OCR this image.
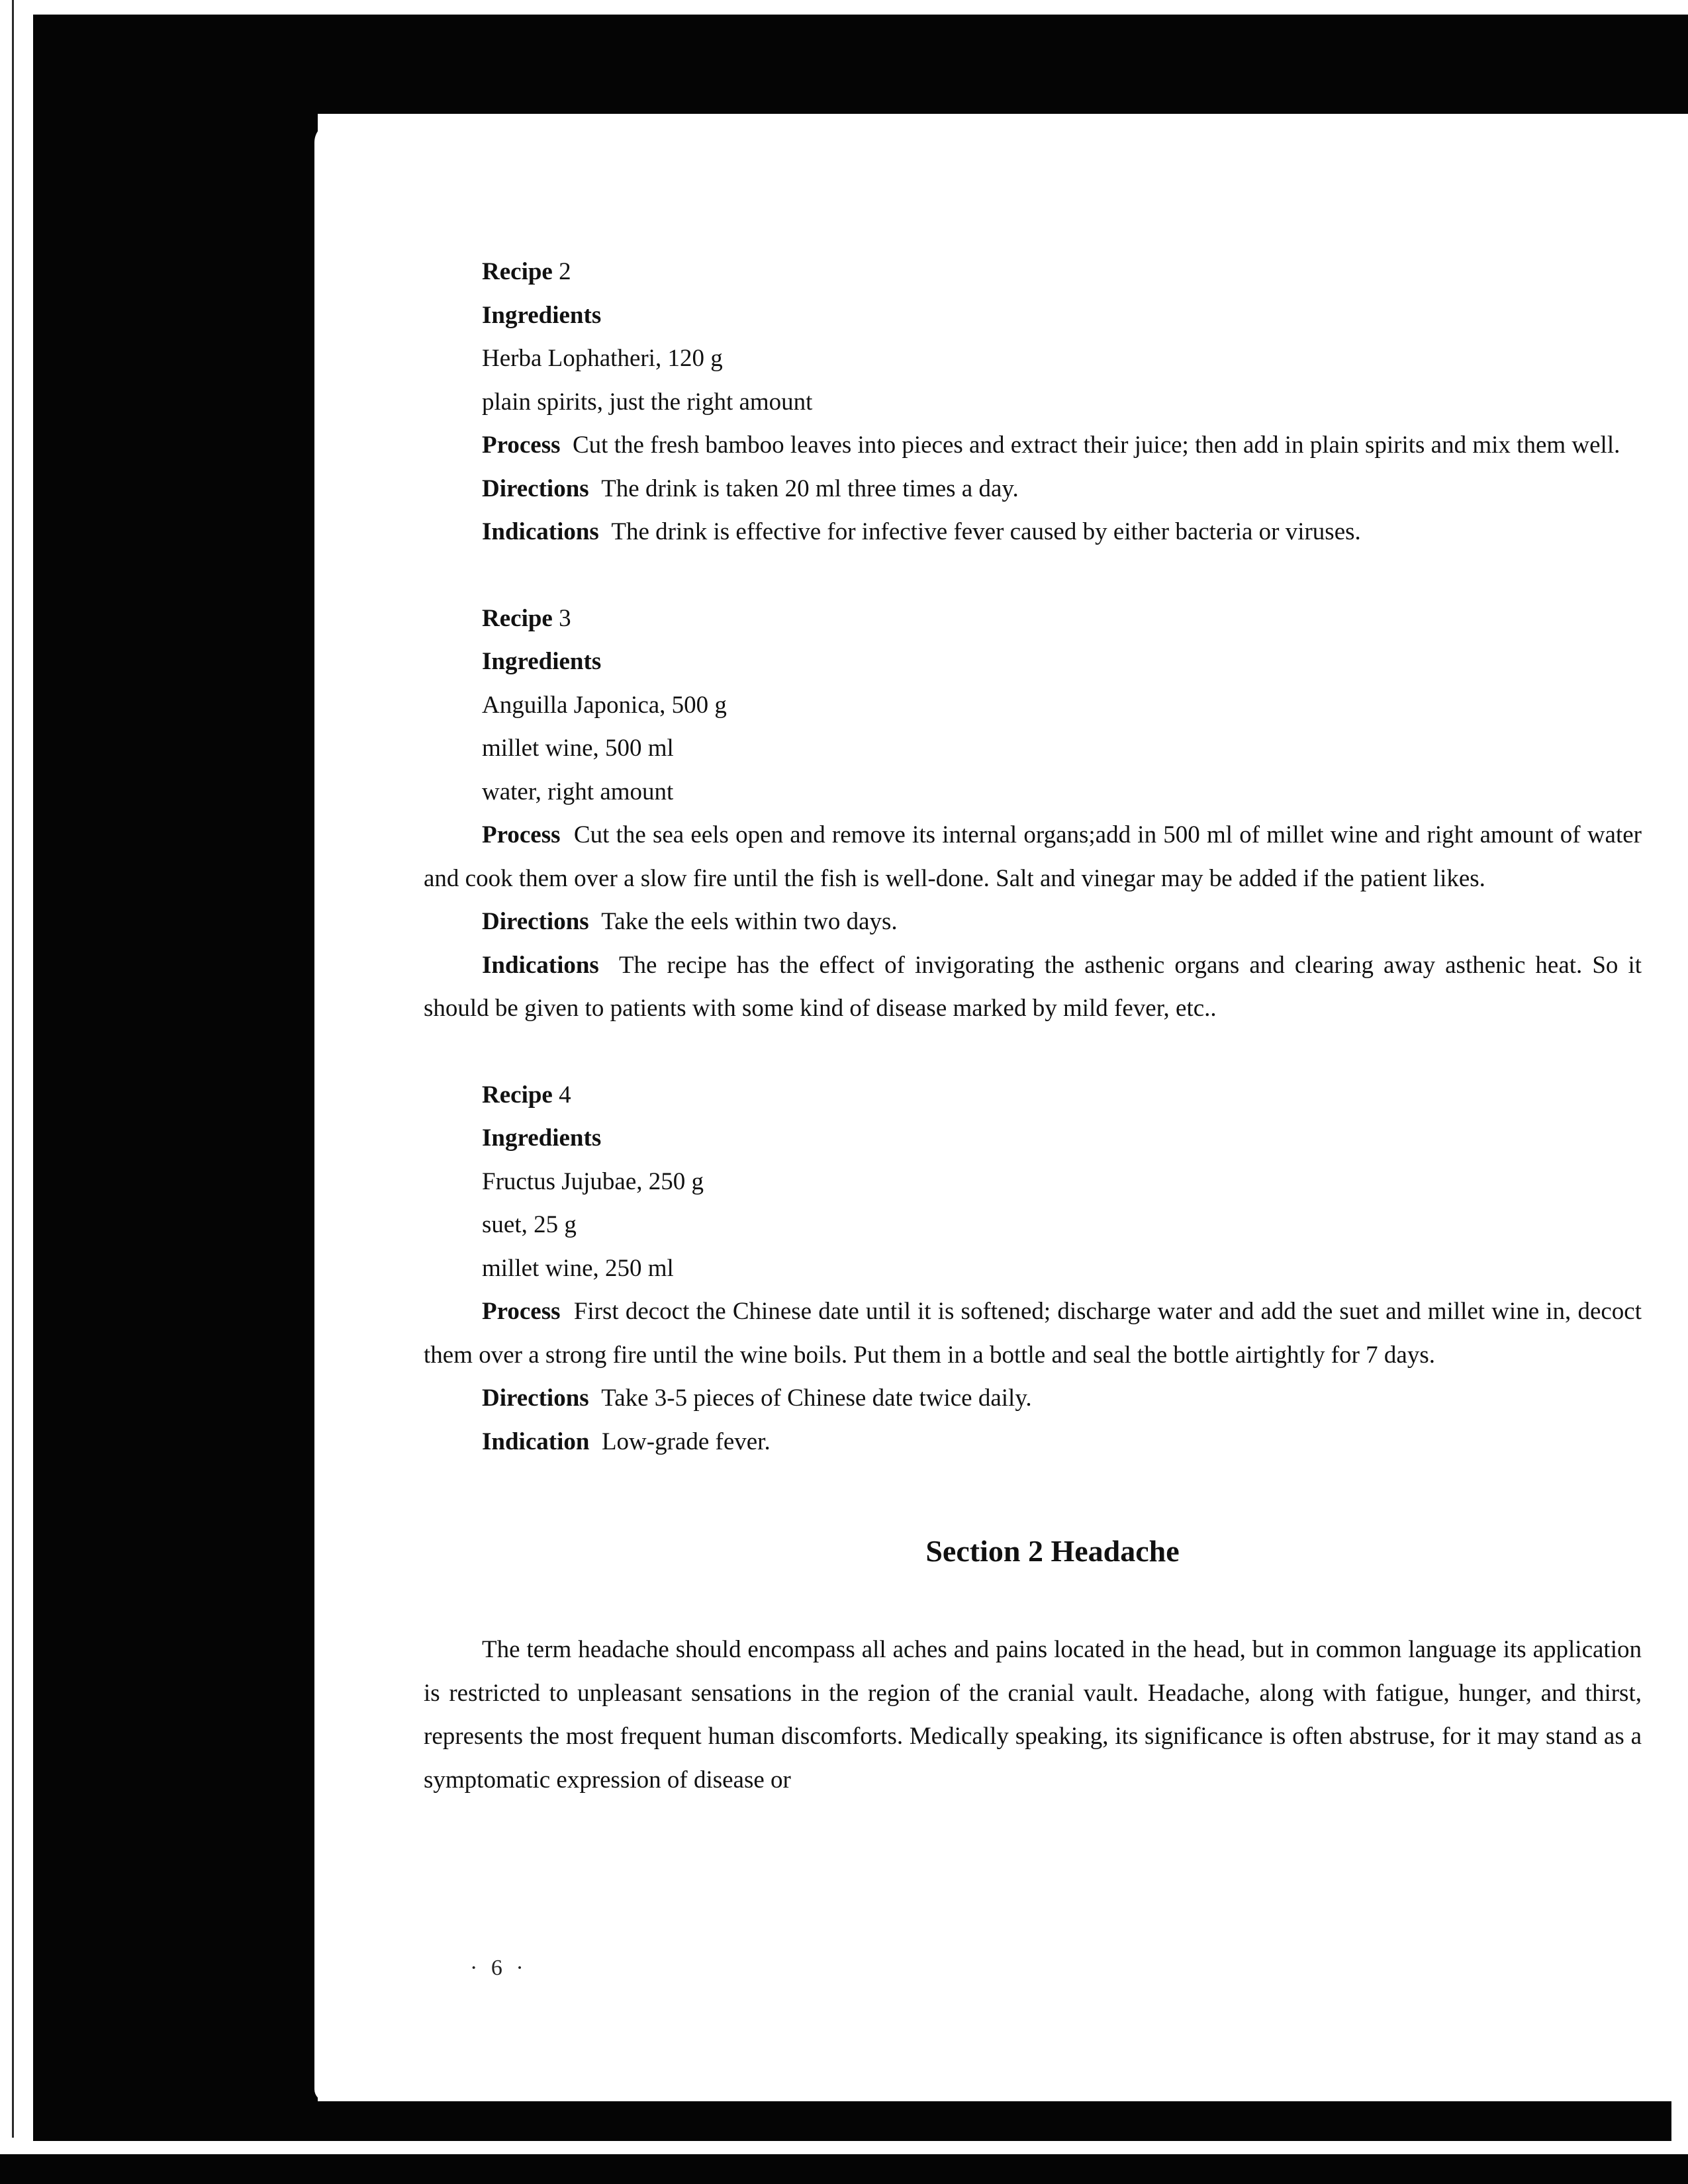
Recipe 2

Ingredients

Herba Lophatheri, 120 g

plain spirits, just the right amount

Process Cut the fresh bamboo leaves into pieces and extract their juice; then add in plain spirits and mix them well.

Directions The drink is taken 20 ml three times a day.

Indications The drink is effective for infective fever caused by either bacteria or viruses.

Recipe 3

Ingredients

Anguilla Japonica, 500 g

millet wine, 500 ml

water, right amount

Process Cut the sea eels open and remove its internal organs;add in 500 ml of millet wine and right amount of water and cook them over a slow fire until the fish is well-done. Salt and vinegar may be added if the patient likes.

Directions Take the eels within two days.

Indications The recipe has the effect of invigorating the asthenic organs and clearing away asthenic heat. So it should be given to patients with some kind of disease marked by mild fever, etc..

Recipe 4

Ingredients

Fructus Jujubae, 250 g

suet, 25 g

millet wine, 250 ml

Process First decoct the Chinese date until it is softened; discharge water and add the suet and millet wine in, decoct them over a strong fire until the wine boils. Put them in a bottle and seal the bottle airtightly for 7 days.

Directions Take 3-5 pieces of Chinese date twice daily.

Indication Low-grade fever.

Section 2 Headache

The term headache should encompass all aches and pains located in the head, but in common language its application is restricted to unpleasant sensations in the region of the cranial vault. Headache, along with fatigue, hunger, and thirst, represents the most frequent human discomforts. Medically speaking, its significance is often abstruse, for it may stand as a symptomatic expression of disease or

· 6 ·
